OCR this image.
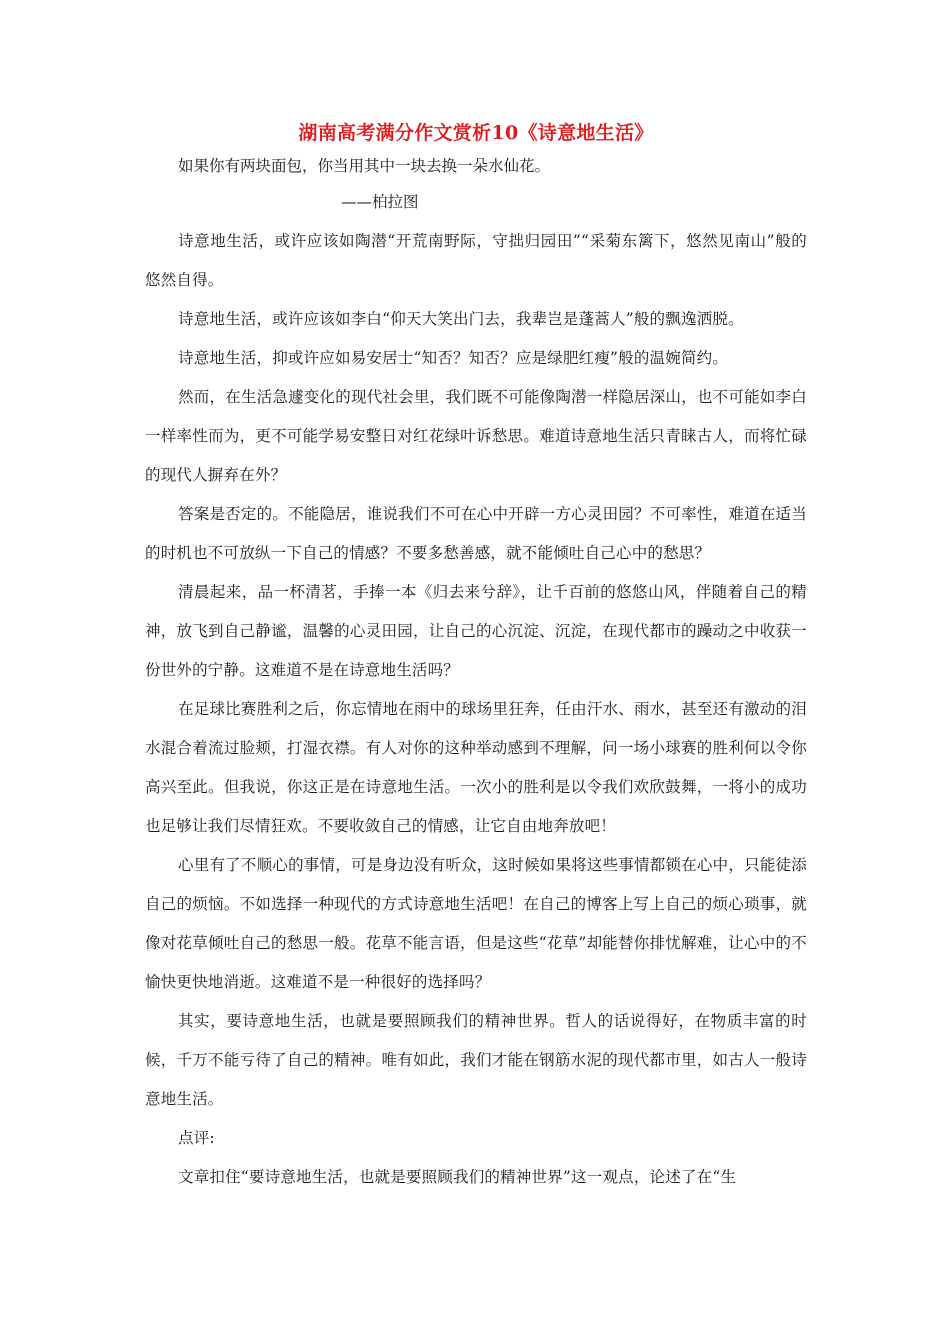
湖南高考满分作文赏析10《诗意地生活》

如果你有两块面包，你当用其中一块去换一朵水仙花。

——柏拉图

诗意地生活，或许应该如陶潜“开荒南野际，守拙归园田”“采菊东篱下，悠然见南山”般的悠然自得。

诗意地生活，或许应该如李白“仰天大笑出门去，我辈岂是蓬蒿人”般的飘逸洒脱。

诗意地生活，抑或许应如易安居士“知否？知否？应是绿肥红瘦”般的温婉简约。

然而，在生活急遽变化的现代社会里，我们既不可能像陶潜一样隐居深山，也不可能如李白一样率性而为，更不可能学易安整日对红花绿叶诉愁思。难道诗意地生活只青睐古人，而将忙碌的现代人摒弃在外？

答案是否定的。不能隐居，谁说我们不可在心中开辟一方心灵田园？不可率性，难道在适当的时机也不可放纵一下自己的情感？不要多愁善感，就不能倾吐自己心中的愁思？

清晨起来，品一杯清茗，手捧一本《归去来兮辞》，让千百前的悠悠山风，伴随着自己的精神，放飞到自己静谧，温馨的心灵田园，让自己的心沉淀、沉淀，在现代都市的躁动之中收获一份世外的宁静。这难道不是在诗意地生活吗？

在足球比赛胜利之后，你忘情地在雨中的球场里狂奔，任由汗水、雨水，甚至还有激动的泪水混合着流过脸颊，打湿衣襟。有人对你的这种举动感到不理解，问一场小球赛的胜利何以令你高兴至此。但我说，你这正是在诗意地生活。一次小的胜利是以令我们欢欣鼓舞，一将小的成功也足够让我们尽情狂欢。不要收敛自己的情感，让它自由地奔放吧！

心里有了不顺心的事情，可是身边没有听众，这时候如果将这些事情都锁在心中，只能徒添自己的烦恼。不如选择一种现代的方式诗意地生活吧！在自己的博客上写上自己的烦心琐事，就像对花草倾吐自己的愁思一般。花草不能言语，但是这些“花草”却能替你排忧解难，让心中的不愉快更快地消逝。这难道不是一种很好的选择吗？

其实，要诗意地生活，也就是要照顾我们的精神世界。哲人的话说得好，在物质丰富的时候，千万不能亏待了自己的精神。唯有如此，我们才能在钢筋水泥的现代都市里，如古人一般诗意地生活。

点评:

文章扣住“要诗意地生活，也就是要照顾我们的精神世界”这一观点，论述了在“生
